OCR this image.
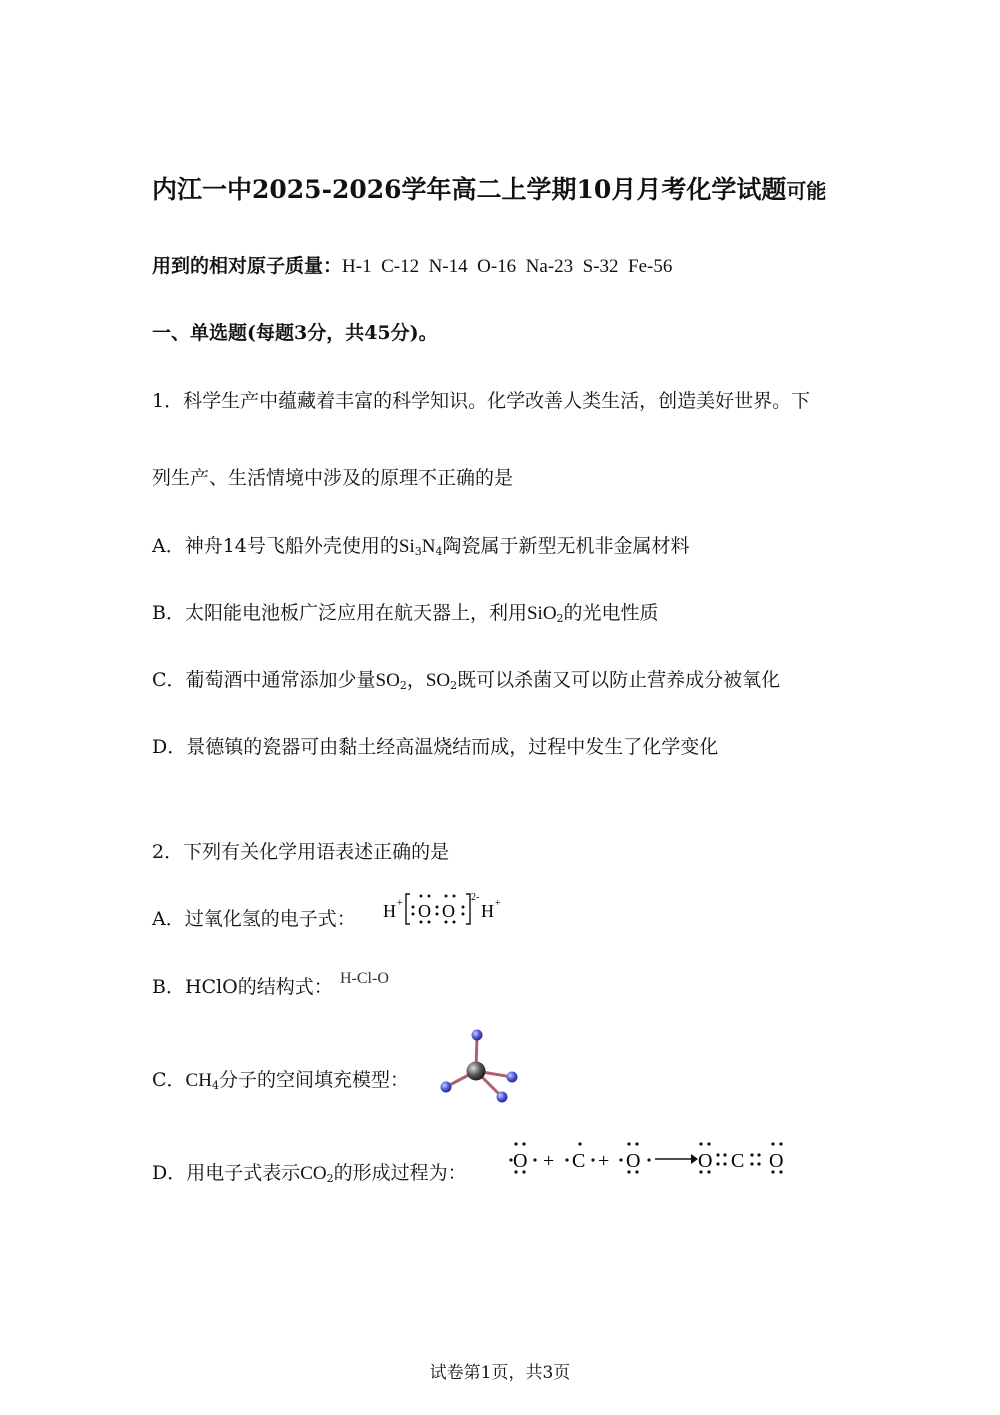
内江一中2025-2026学年高二上学期10月月考化学试题可能
用到的相对原子质量：H-1  C-12  N-14  O-16  Na-23  S-32  Fe-56
一、单选题(每题3分，共45分)。
1．科学生产中蕴藏着丰富的科学知识。化学改善人类生活，创造美好世界。下
列生产、生活情境中涉及的原理不正确的是
A．神舟14号飞船外壳使用的$Si_3N_4$陶瓷属于新型无机非金属材料
B．太阳能电池板广泛应用在航天器上，利用SiO$_2$的光电性质
C．葡萄酒中通常添加少量$SO_2$，$SO_2$既可以杀菌又可以防止营养成分被氧化
D．景德镇的瓷器可由黏土经高温烧结而成，过程中发生了化学变化
2．下列有关化学用语表述正确的是
A．过氧化氢的电子式： H + O O
2-
H +
B．HClO的结构式： H-Cl-O
C．$CH_4$分子的空间填充模型：
D．用电子式表示$CO_2$的形成过程为：
O + C + O	O C O
试卷第1页，共3页
